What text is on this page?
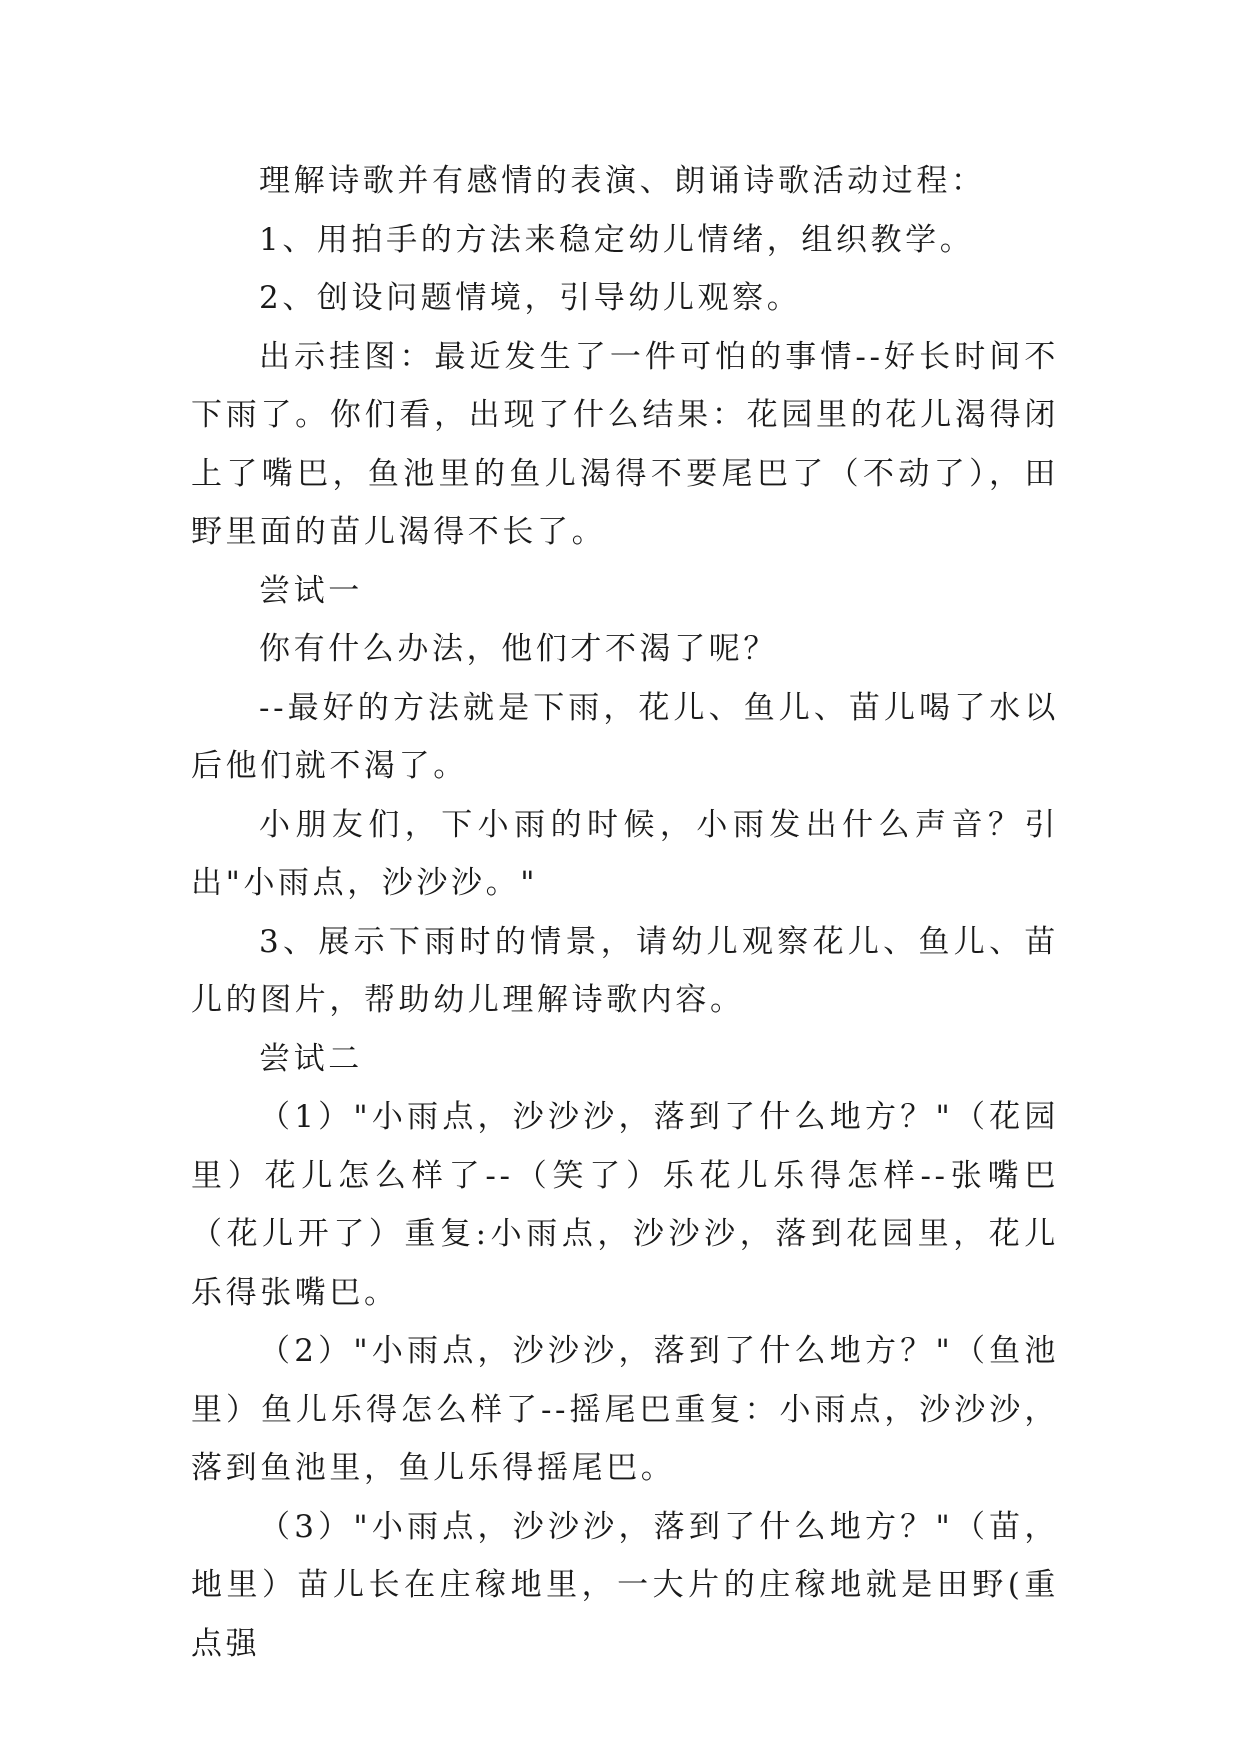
理解诗歌并有感情的表演、朗诵诗歌活动过程：

1、用拍手的方法来稳定幼儿情绪，组织教学。

2、创设问题情境，引导幼儿观察。

出示挂图：最近发生了一件可怕的事情--好长时间不下雨了。你们看，出现了什么结果：花园里的花儿渴得闭上了嘴巴，鱼池里的鱼儿渴得不要尾巴了（不动了），田野里面的苗儿渴得不长了。

尝试一

你有什么办法，他们才不渴了呢？

--最好的方法就是下雨，花儿、鱼儿、苗儿喝了水以后他们就不渴了。

小朋友们，下小雨的时候，小雨发出什么声音？引出"小雨点，沙沙沙。"

3、展示下雨时的情景，请幼儿观察花儿、鱼儿、苗儿的图片，帮助幼儿理解诗歌内容。

尝试二

（1）"小雨点，沙沙沙，落到了什么地方？"（花园里）花儿怎么样了--（笑了）乐花儿乐得怎样--张嘴巴（花儿开了）重复:小雨点，沙沙沙，落到花园里，花儿乐得张嘴巴。

（2）"小雨点，沙沙沙，落到了什么地方？"（鱼池里）鱼儿乐得怎么样了--摇尾巴重复：小雨点，沙沙沙，落到鱼池里，鱼儿乐得摇尾巴。

（3）"小雨点，沙沙沙，落到了什么地方？"（苗，地里）苗儿长在庄稼地里，一大片的庄稼地就是田野(重点强
